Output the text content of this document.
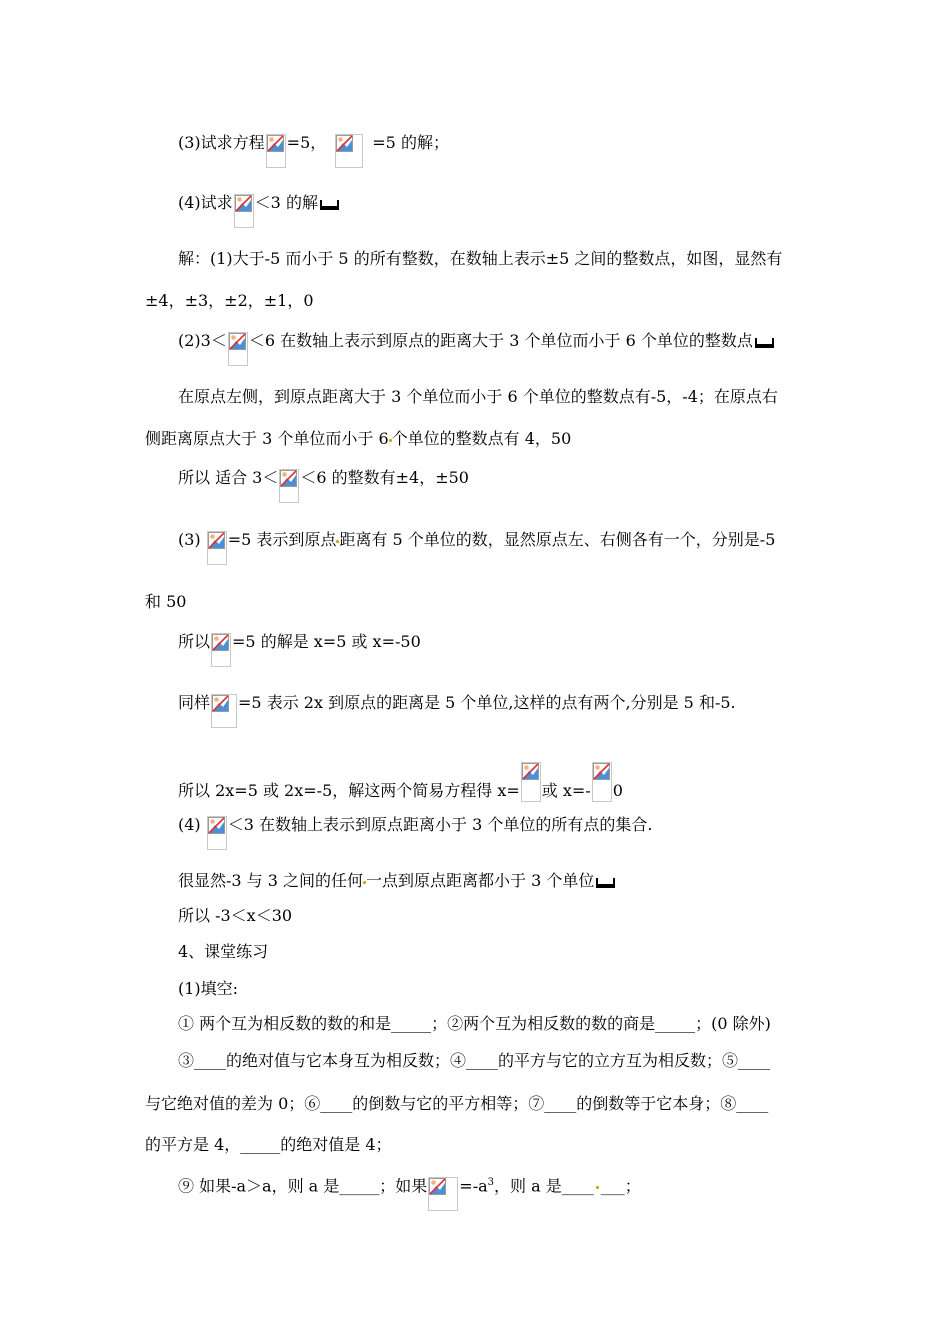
(3)试求方程 =5，	=5 的解；
(4)试求 ＜3 的解
解：(1)大于-5 而小于 5 的所有整数，在数轴上表示±5 之间的整数点，如图，显然有
±4，±3，±2，±1，0
(2)3＜ ＜6 在数轴上表示到原点的距离大于 3 个单位而小于 6 个单位的整数点
在原点左侧，到原点距离大于 3 个单位而小于 6 个单位的整数点有-5，-4；在原点右
侧距离原点大于 3 个单位而小于 6 个单位的整数点有 4，50
所以 适合 3＜ ＜6 的整数有±4，±50
(3)
=5 表示到原点 距离有 5 个单位的数，显然原点左、右侧各有一个，分别是-5
和 50
所以 =5 的解是 x=5 或 x=-50
同样 =5 表示 2x 到原点的距离是 5 个单位,这样的点有两个,分别是 5 和-5.
所以 2x=5 或 2x=-5，解这两个简易方程得 x= 或 x=- 0
(4)
＜3 在数轴上表示到原点距离小于 3 个单位的所有点的集合.
很显然-3 与 3 之间的任何 一点到原点距离都小于 3 个单位
所以 -3＜x＜30
4、课堂练习
(1)填空:
① 两个互为相反数的数的和是_____；②两个互为相反数的数的商是_____；(0 除外)
③____的绝对值与它本身互为相反数；④____的平方与它的立方互为相反数；⑤____
与它绝对值的差为 0；⑥____的倒数与它的平方相等；⑦____的倒数等于它本身；⑧____
的平方是 4，_____的绝对值是 4；
⑨ 如果-a＞a，则 a 是_____；如果 $=-a^3$，则 a 是____ ___；
